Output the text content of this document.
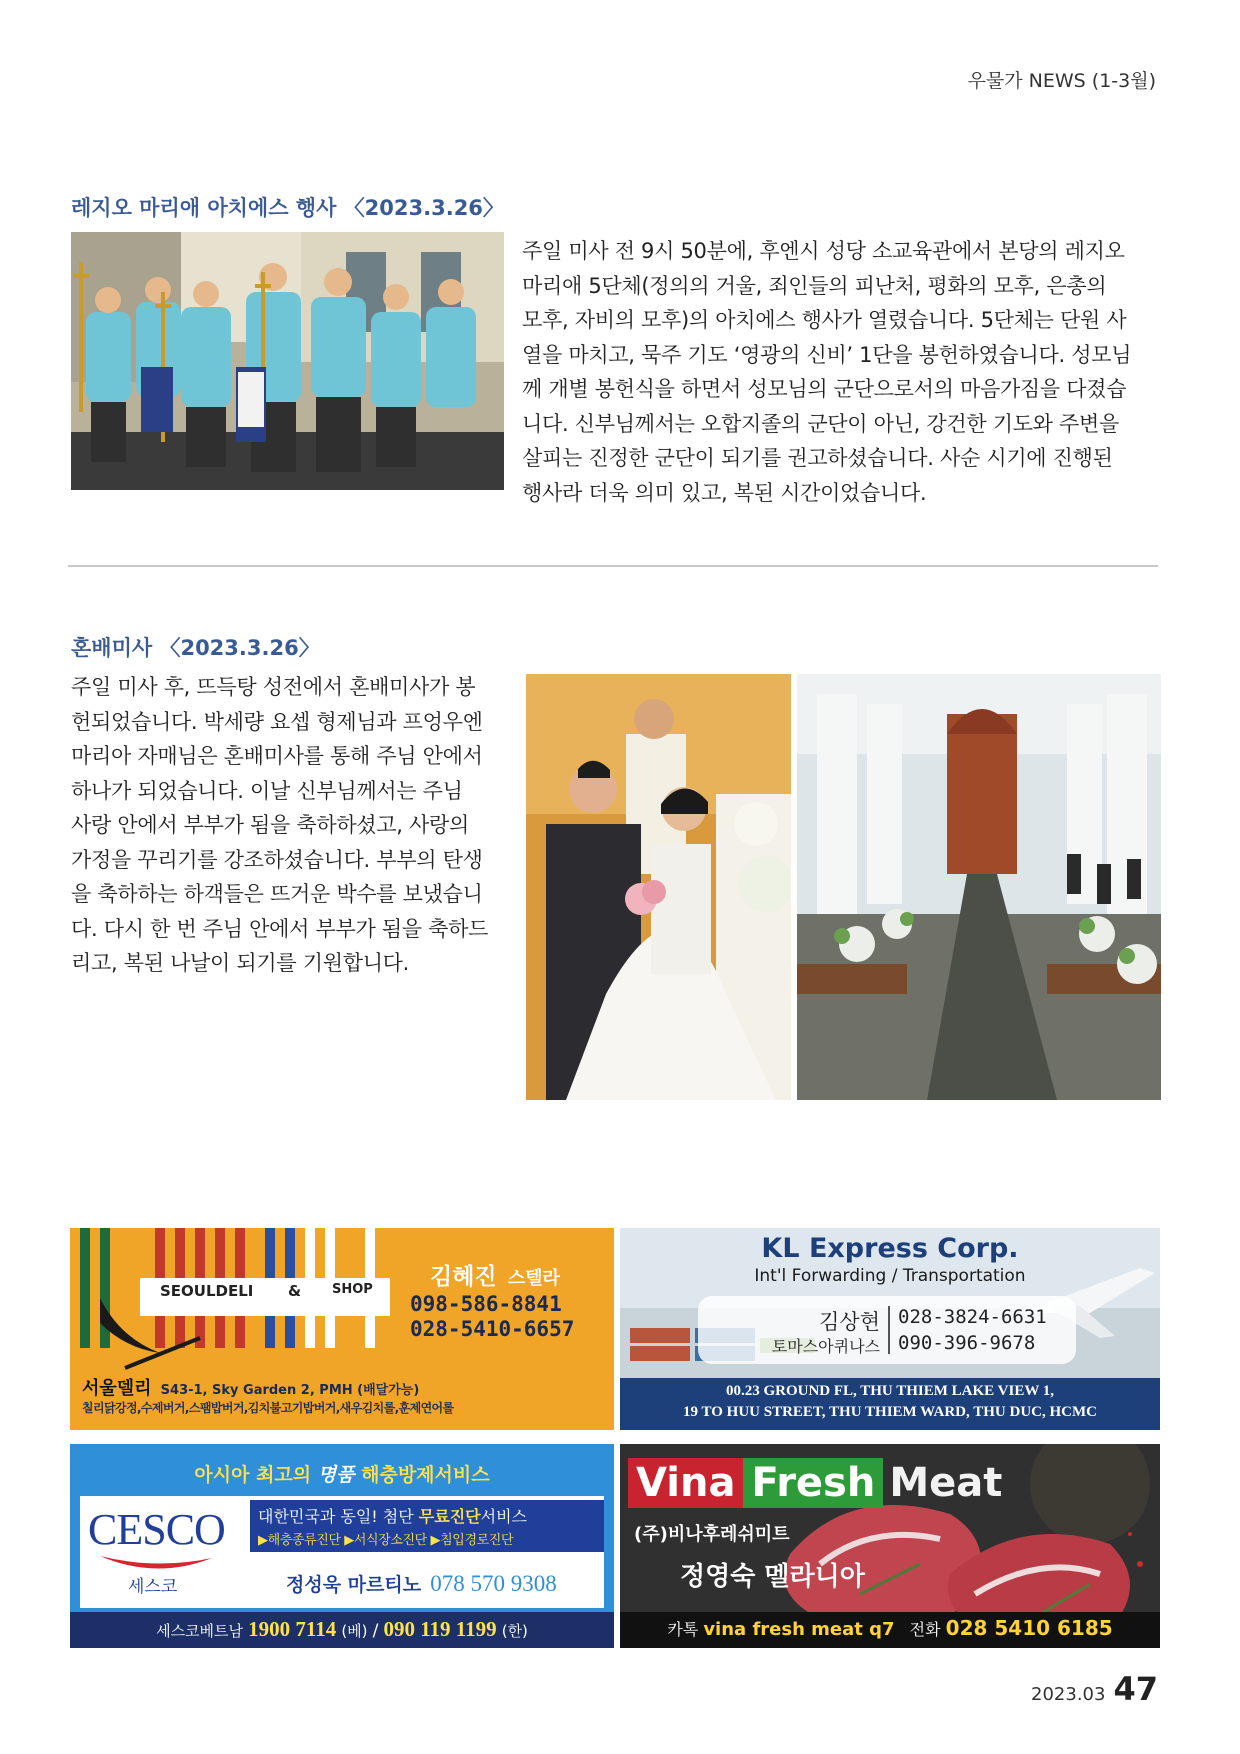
우물가 NEWS (1-3월)
레지오 마리애 아치에스 행사 〈2023.3.26〉
주일 미사 전 9시 50분에, 후엔시 성당 소교육관에서 본당의 레지오
마리애 5단체(정의의 거울, 죄인들의 피난처, 평화의 모후, 은총의
모후, 자비의 모후)의 아치에스 행사가 열렸습니다. 5단체는 단원 사
열을 마치고, 묵주 기도 ‘영광의 신비’ 1단을 봉헌하였습니다. 성모님
께 개별 봉헌식을 하면서 성모님의 군단으로서의 마음가짐을 다졌습
니다. 신부님께서는 오합지졸의 군단이 아닌, 강건한 기도와 주변을
살피는 진정한 군단이 되기를 권고하셨습니다. 사순 시기에 진행된
행사라 더욱 의미 있고, 복된 시간이었습니다.
혼배미사 〈2023.3.26〉
주일 미사 후, 뜨득탕 성전에서 혼배미사가 봉
헌되었습니다. 박세량 요셉 형제님과 프엉우엔
마리아 자매님은 혼배미사를 통해 주님 안에서
하나가 되었습니다. 이날 신부님께서는 주님
사랑 안에서 부부가 됨을 축하하셨고, 사랑의
가정을 꾸리기를 강조하셨습니다. 부부의 탄생
을 축하하는 하객들은 뜨거운 박수를 보냈습니
다. 다시 한 번 주님 안에서 부부가 됨을 축하드
리고, 복된 나날이 되기를 기원합니다.
SEOULDELI & SHOP 김혜진 스텔라
098-586-8841
028-5410-6657
서울델리 S43-1, Sky Garden 2, PMH (배달가능)
칠리닭강정,수제버거,스팸밥버거,김치불고기밥버거,새우김치롤,훈제연어롤
KL Express Corp.
Int'l Forwarding / Transportation
김상현
토마스아퀴나스
028-3824-6631
090-396-9678
00.23 GROUND FL, THU THIEM LAKE VIEW 1,
19 TO HUU STREET, THU THIEM WARD, THU DUC, HCMC
아시아 최고의 명품 해충방제서비스
CESCO
세스코
대한민국과 동일! 첨단 무료진단서비스
▶해충종류진단 ▶서식장소진단 ▶침입경로진단
정성욱 마르티노 078 570 9308
세스코베트남 1900 7114 (베) / 090 119 1199 (한)
Vina Fresh Meat
(주)비나후레쉬미트
정영숙 멜라니아
카톡 vina fresh meat q7 전화 028 5410 6185
2023.03 47
